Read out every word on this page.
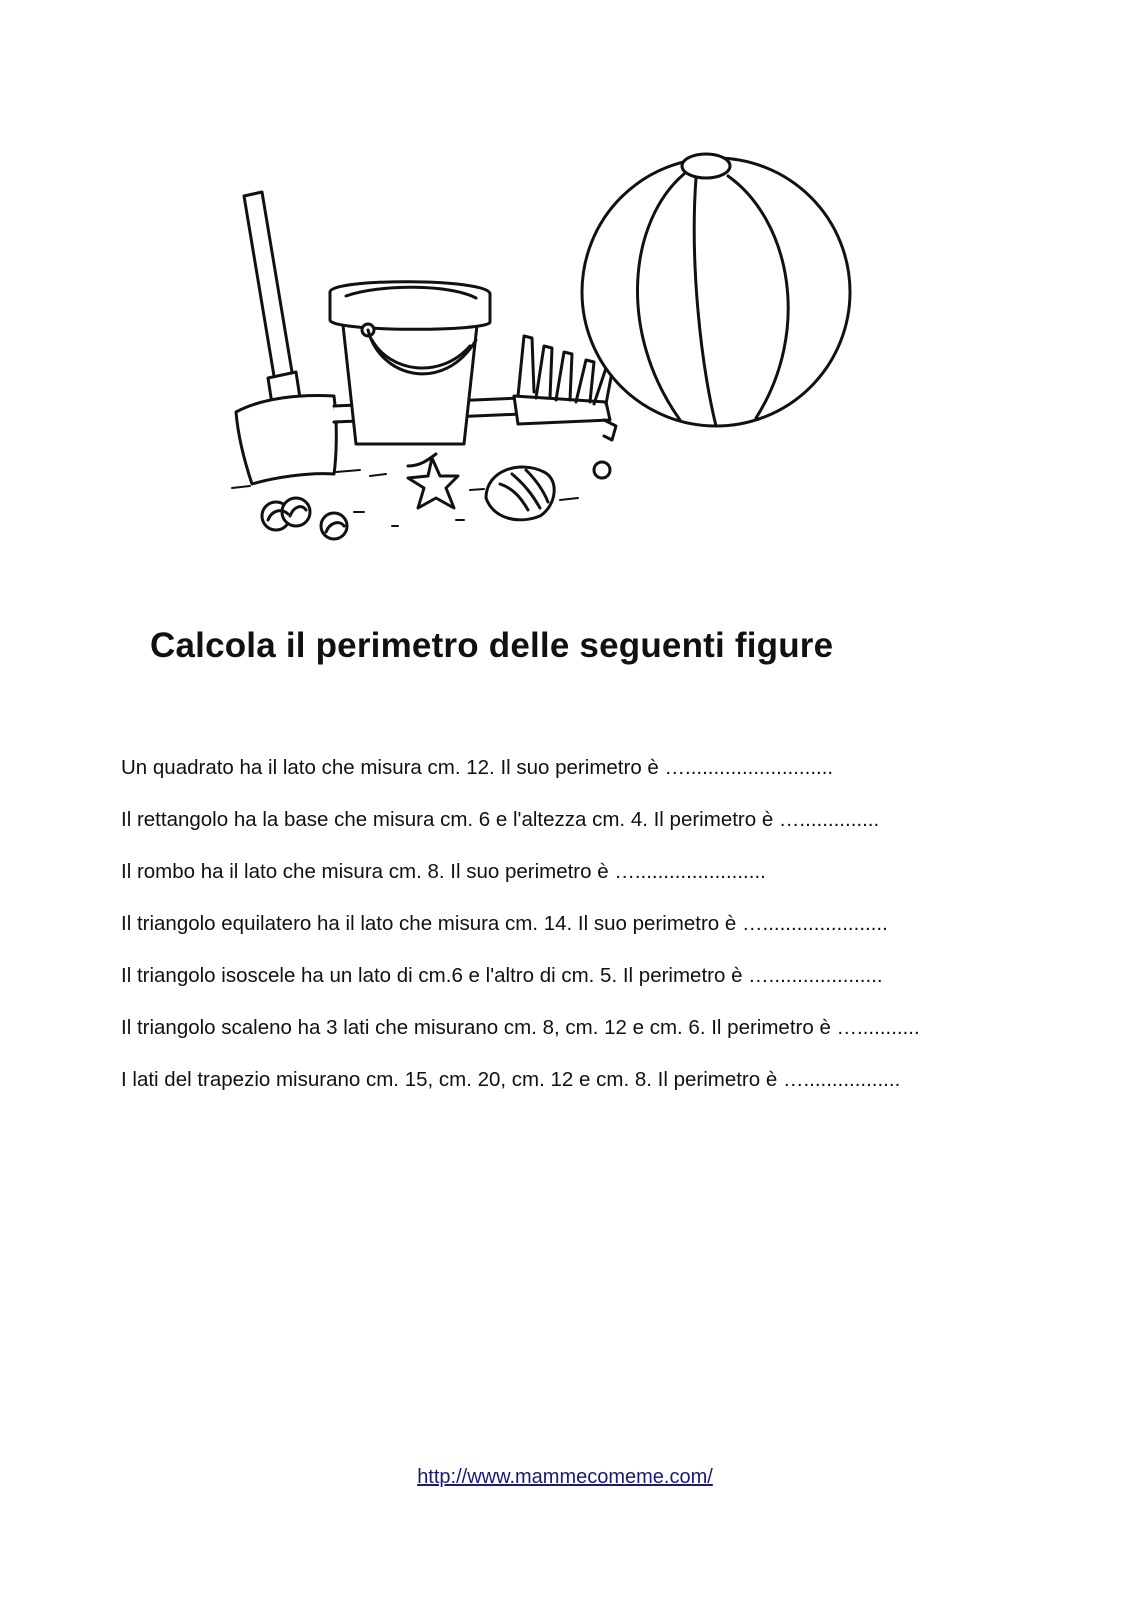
Calcola il perimetro delle seguenti figure
Un quadrato ha il lato che misura cm. 12. Il suo perimetro è …..........................
Il rettangolo ha la base che misura cm. 6 e l'altezza cm. 4. Il perimetro è …..............
Il rombo ha il lato che misura cm. 8. Il suo perimetro è ….......................
Il triangolo equilatero ha il lato che misura cm. 14. Il suo perimetro è …......................
Il triangolo isoscele ha un lato di cm.6 e l'altro di cm. 5. Il perimetro è …....................
Il triangolo scaleno ha 3 lati che misurano cm. 8, cm. 12 e cm. 6. Il perimetro è …...........
I lati del trapezio misurano cm. 15, cm. 20, cm. 12 e cm. 8. Il perimetro è ….................
http://www.mammecomeme.com/
